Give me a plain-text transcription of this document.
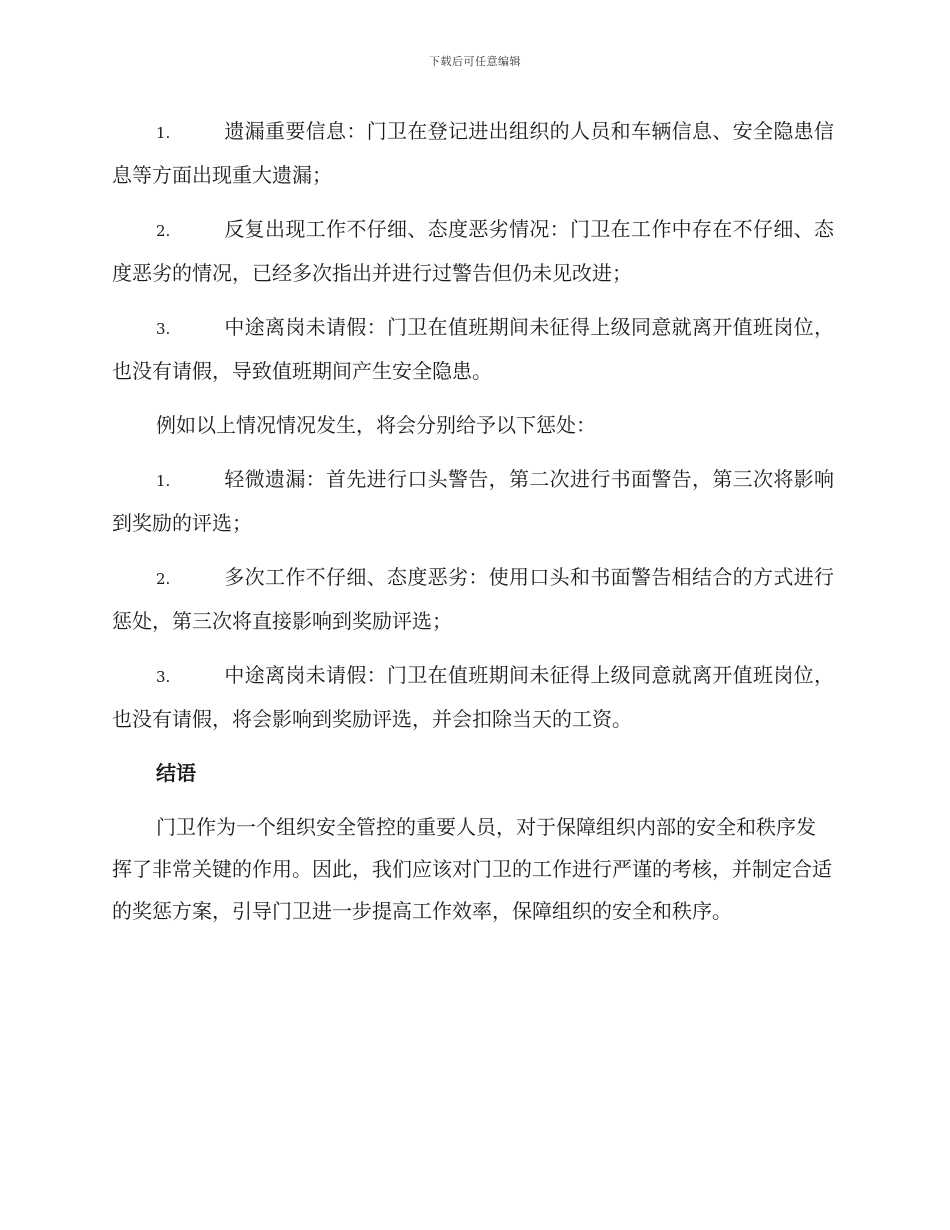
下载后可任意编辑

1.	遗漏重要信息：门卫在登记进出组织的人员和车辆信息、安全隐患信息等方面出现重大遗漏；

2.	反复出现工作不仔细、态度恶劣情况：门卫在工作中存在不仔细、态度恶劣的情况，已经多次指出并进行过警告但仍未见改进；

3.	中途离岗未请假：门卫在值班期间未征得上级同意就离开值班岗位，也没有请假，导致值班期间产生安全隐患。

例如以上情况情况发生，将会分别给予以下惩处：

1.	轻微遗漏：首先进行口头警告，第二次进行书面警告，第三次将影响到奖励的评选；

2.	多次工作不仔细、态度恶劣：使用口头和书面警告相结合的方式进行惩处，第三次将直接影响到奖励评选；

3.	中途离岗未请假：门卫在值班期间未征得上级同意就离开值班岗位，也没有请假，将会影响到奖励评选，并会扣除当天的工资。

结语

门卫作为一个组织安全管控的重要人员，对于保障组织内部的安全和秩序发挥了非常关键的作用。因此，我们应该对门卫的工作进行严谨的考核，并制定合适的奖惩方案，引导门卫进一步提高工作效率，保障组织的安全和秩序。
